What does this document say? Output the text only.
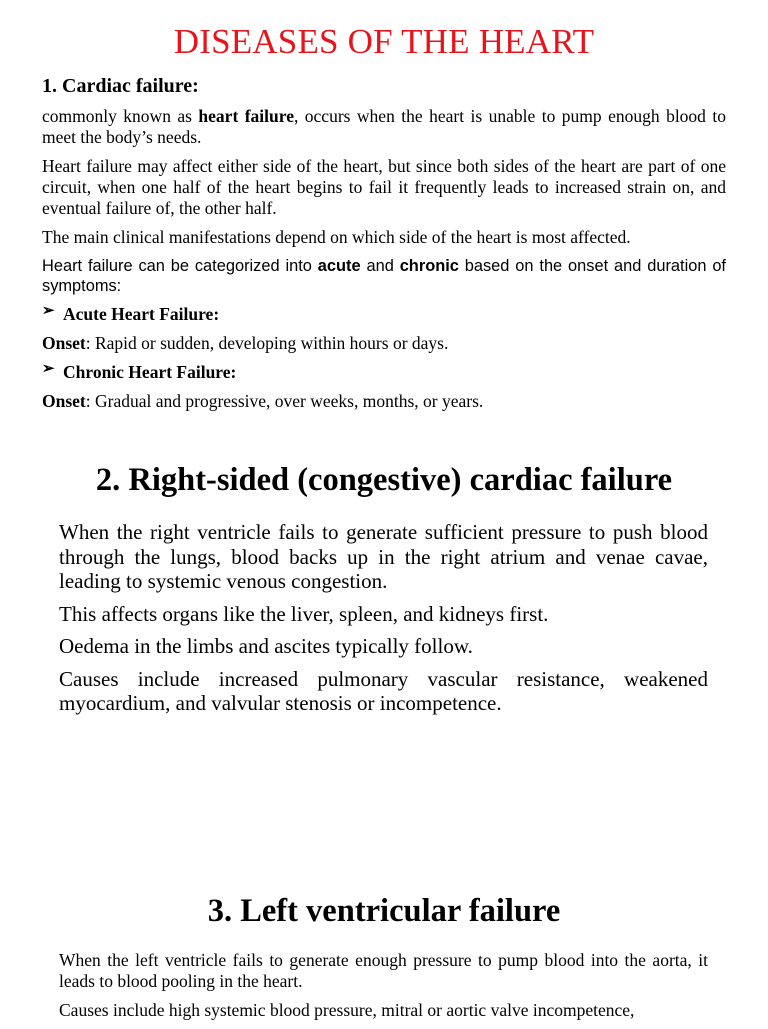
DISEASES OF THE HEART
1. Cardiac failure:

commonly known as heart failure, occurs when the heart is unable to pump enough blood to meet the body’s needs.

Heart failure may affect either side of the heart, but since both sides of the heart are part of one circuit, when one half of the heart begins to fail it frequently leads to increased strain on, and eventual failure of, the other half.

The main clinical manifestations depend on which side of the heart is most affected.

Heart failure can be categorized into acute and chronic based on the onset and duration of symptoms:

➢ Acute Heart Failure:
Onset: Rapid or sudden, developing within hours or days.
➢ Chronic Heart Failure:
Onset: Gradual and progressive, over weeks, months, or years.
2. Right-sided (congestive) cardiac failure

When the right ventricle fails to generate sufficient pressure to push blood through the lungs, blood backs up in the right atrium and venae cavae, leading to systemic venous congestion.

This affects organs like the liver, spleen, and kidneys first.

Oedema in the limbs and ascites typically follow.

Causes include increased pulmonary vascular resistance, weakened myocardium, and valvular stenosis or incompetence.

3. Left ventricular failure

When the left ventricle fails to generate enough pressure to pump blood into the aorta, it leads to blood pooling in the heart.

Causes include high systemic blood pressure, mitral or aortic valve incompetence,
